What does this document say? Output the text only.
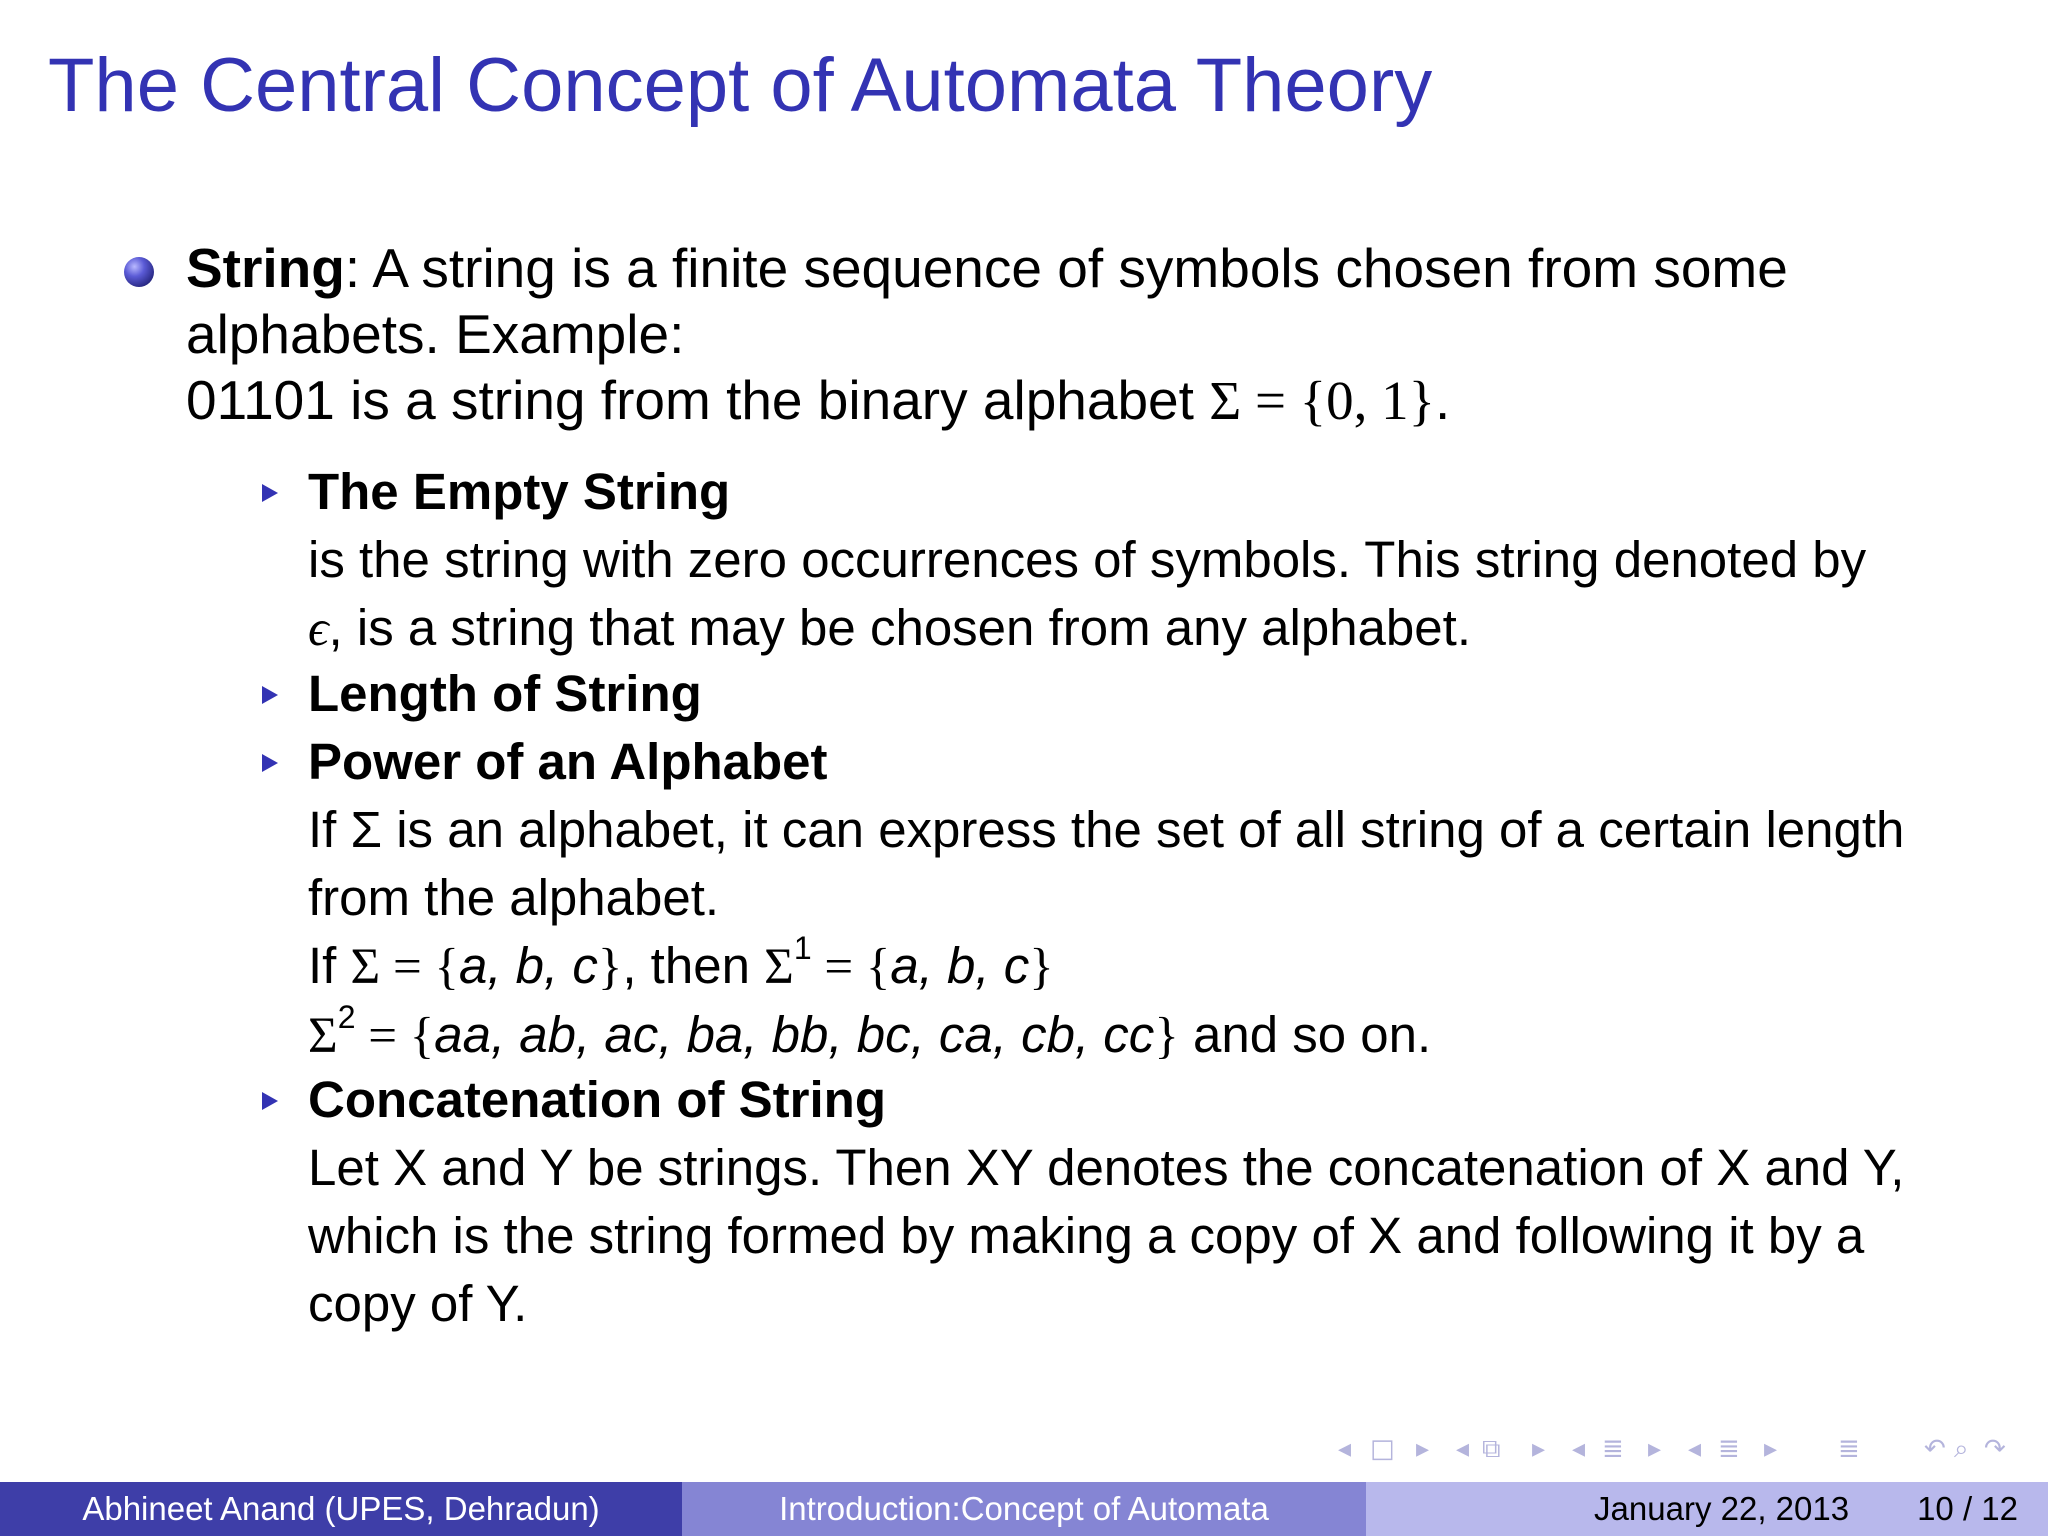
The Central Concept of Automata Theory
String: A string is a finite sequence of symbols chosen from some
alphabets. Example:
01101 is a string from the binary alphabet Σ = {0, 1}.
The Empty String
is the string with zero occurrences of symbols. This string denoted by
ϵ, is a string that may be chosen from any alphabet.
Length of String
Power of an Alphabet
If Σ is an alphabet, it can express the set of all string of a certain length
from the alphabet.
If Σ = {a, b, c}, then $\Sigma^1 = \{a$, b, c}
$\Sigma^2 = \{aa$, ab, ac, ba, bb, bc, ca, cb, cc} and so on.
Concatenation of String
Let X and Y be strings. Then XY denotes the concatenation of X and Y,
which is the string formed by making a copy of X and following it by a
copy of Y.
◂ □ ▸ ◂ ⧉ ▸ ◂ ≣ ▸ ◂ ≣ ▸ ≣ ↶ ⌕ ↷
Abhineet Anand (UPES, Dehradun)	Introduction:Concept of Automata	January 22, 2013 10 / 12
